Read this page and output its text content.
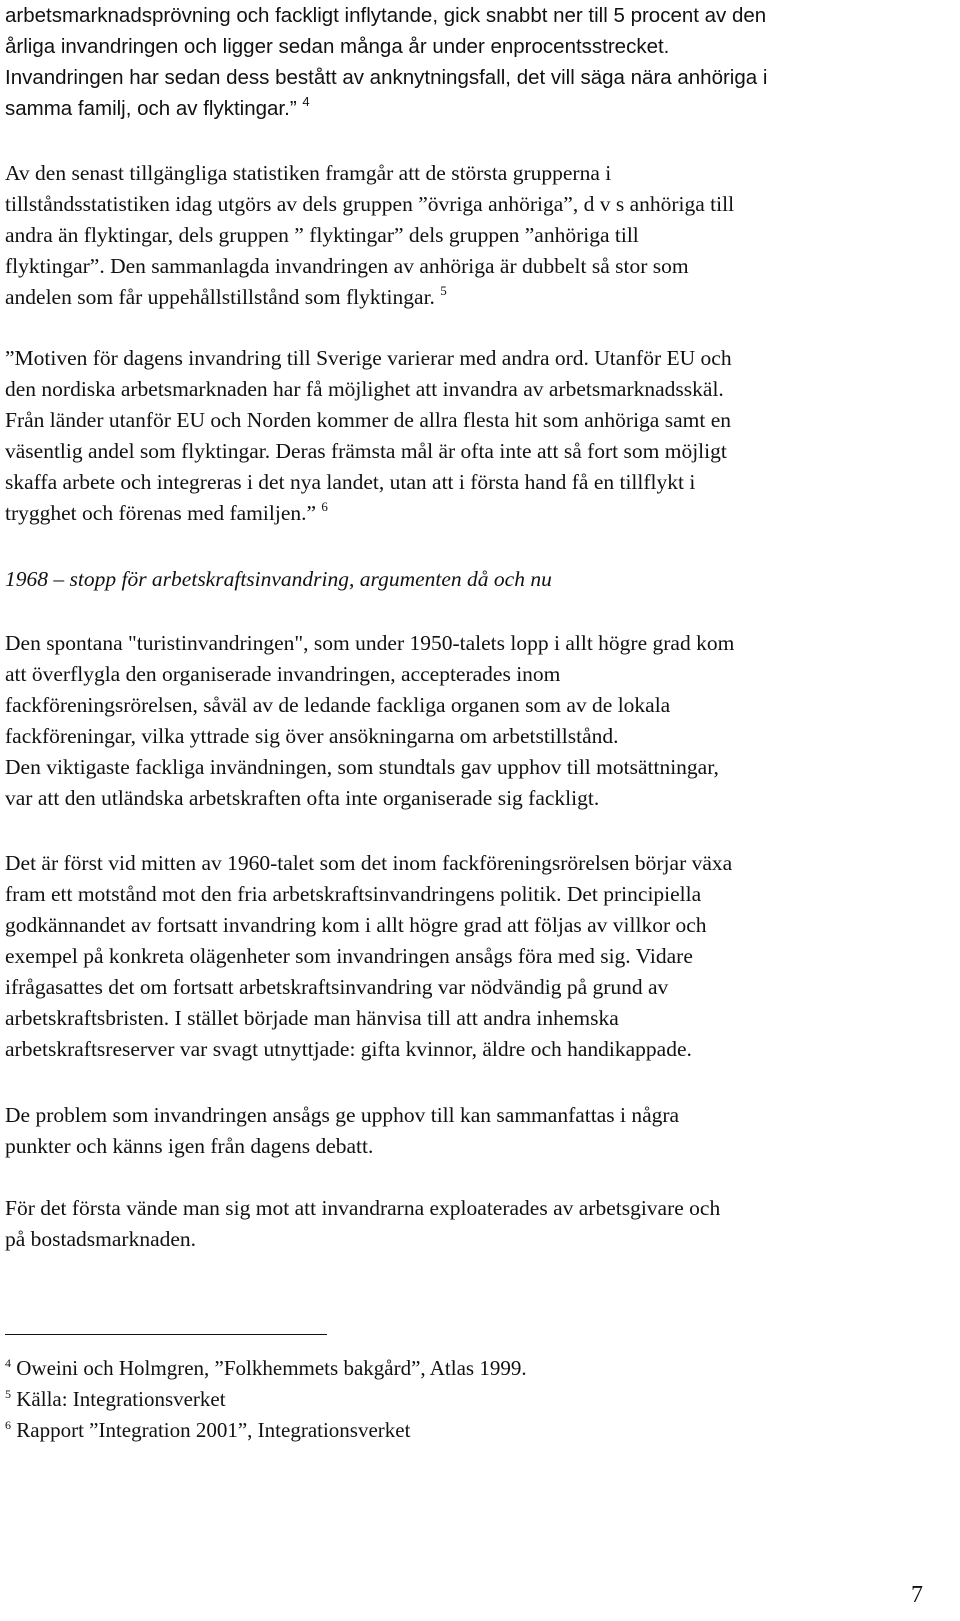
arbetsmarknadsprövning och fackligt inflytande, gick snabbt ner till 5 procent av den

årliga invandringen och ligger sedan många år under enprocentsstrecket.

Invandringen har sedan dess bestått av anknytningsfall, det vill säga nära anhöriga i

samma familj, och av flyktingar.” $^4$

Av den senast tillgängliga statistiken framgår att de största grupperna i

tillståndsstatistiken idag utgörs av dels gruppen ”övriga anhöriga”, d v s anhöriga till

andra än flyktingar, dels gruppen ” flyktingar” dels gruppen ”anhöriga till

flyktingar”. Den sammanlagda invandringen av anhöriga är dubbelt så stor som

andelen som får uppehållstillstånd som flyktingar. $^5$

”Motiven för dagens invandring till Sverige varierar med andra ord. Utanför EU och

den nordiska arbetsmarknaden har få möjlighet att invandra av arbetsmarknadsskäl.

Från länder utanför EU och Norden kommer de allra flesta hit som anhöriga samt en

väsentlig andel som flyktingar. Deras främsta mål är ofta inte att så fort som möjligt

skaffa arbete och integreras i det nya landet, utan att i första hand få en tillflykt i

trygghet och förenas med familjen.” $^6$

1968 – stopp för arbetskraftsinvandring, argumenten då och nu

Den spontana "turistinvandringen", som under 1950-talets lopp i allt högre grad kom

att överflygla den organiserade invandringen, accepterades inom

fackföreningsrörelsen, såväl av de ledande fackliga organen som av de lokala

fackföreningar, vilka yttrade sig över ansökningarna om arbetstillstånd.

Den viktigaste fackliga invändningen, som stundtals gav upphov till motsättningar,

var att den utländska arbetskraften ofta inte organiserade sig fackligt.

Det är först vid mitten av 1960-talet som det inom fackföreningsrörelsen börjar växa

fram ett motstånd mot den fria arbetskraftsinvandringens politik. Det principiella

godkännandet av fortsatt invandring kom i allt högre grad att följas av villkor och

exempel på konkreta olägenheter som invandringen ansågs föra med sig. Vidare

ifrågasattes det om fortsatt arbetskraftsinvandring var nödvändig på grund av

arbetskraftsbristen. I stället började man hänvisa till att andra inhemska

arbetskraftsreserver var svagt utnyttjade: gifta kvinnor, äldre och handikappade.

De problem som invandringen ansågs ge upphov till kan sammanfattas i några

punkter och känns igen från dagens debatt.

För det första vände man sig mot att invandrarna exploaterades av arbetsgivare och

på bostadsmarknaden.

$^4$ Oweini och Holmgren, ”Folkhemmets bakgård”, Atlas 1999.

$^5$ Källa: Integrationsverket

$^6$ Rapport ”Integration 2001”, Integrationsverket

7
